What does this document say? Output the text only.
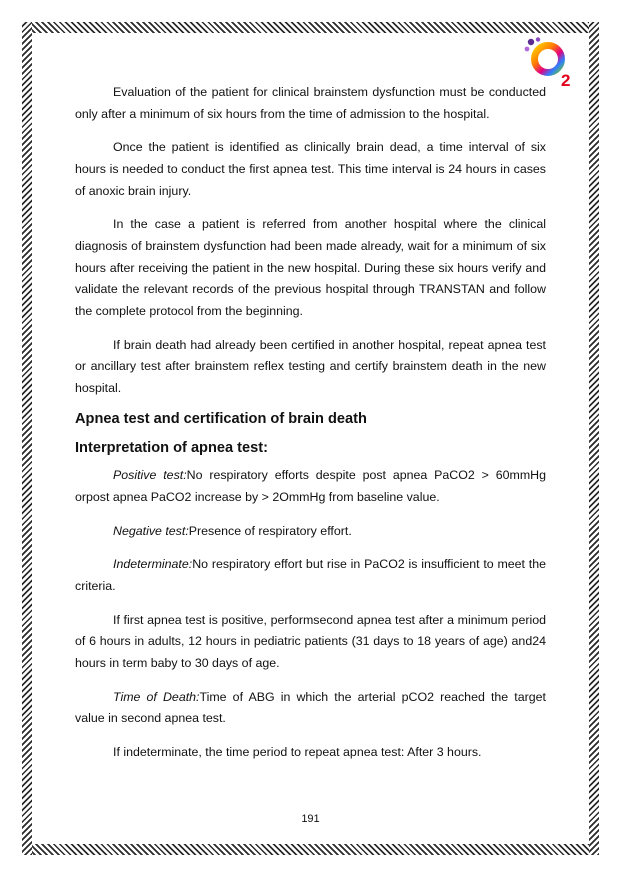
2

Evaluation of the patient for clinical brainstem dysfunction must be conducted only after a minimum of six hours from the time of admission to the hospital.

Once the patient is identified as clinically brain dead, a time interval of six hours is needed to conduct the first apnea test. This time interval is 24 hours in cases of anoxic brain injury.

In the case a patient is referred from another hospital where the clinical diagnosis of brainstem dysfunction had been made already, wait for a minimum of six hours after receiving the patient in the new hospital. During these six hours verify and validate the relevant records of the previous hospital through TRANSTAN and follow the complete protocol from the beginning.

If brain death had already been certified in another hospital, repeat apnea test or ancillary test after brainstem reflex testing and certify brainstem death in the new hospital.

Apnea test and certification of brain death
Interpretation of apnea test:

Positive test:No respiratory efforts despite post apnea PaCO2 > 60mmHg orpost apnea PaCO2 increase by > 2OmmHg from baseline value.

Negative test:Presence of respiratory effort.

Indeterminate:No respiratory effort but rise in PaCO2 is insufficient to meet the criteria.

If first apnea test is positive, performsecond apnea test after a minimum period of 6 hours in adults, 12 hours in pediatric patients (31 days to 18 years of age) and24 hours in term baby to 30 days of age.

Time of Death:Time of ABG in which the arterial pCO2 reached the target value in second apnea test.

If indeterminate, the time period to repeat apnea test: After 3 hours.

191
